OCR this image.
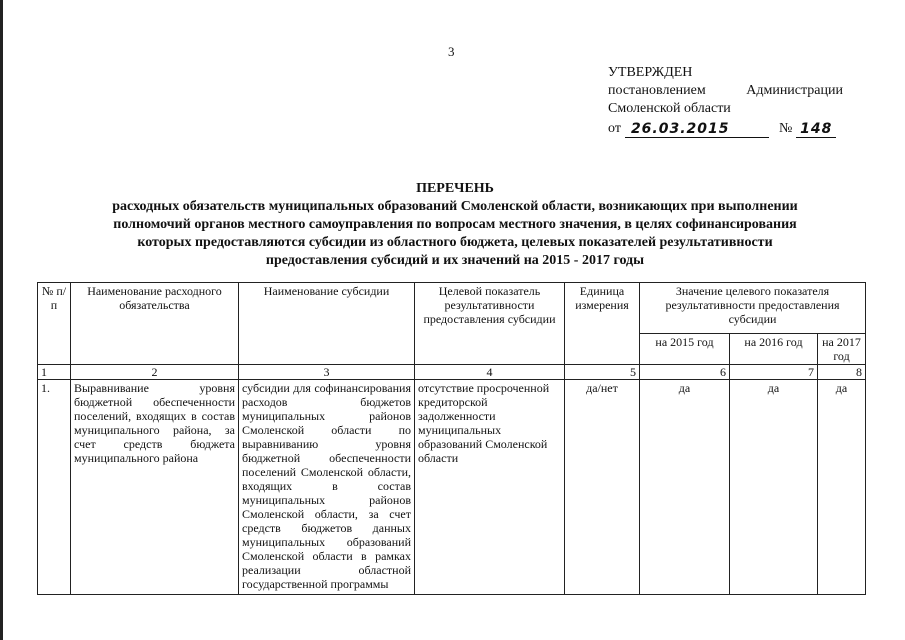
3
УТВЕРЖДЕН
постановлением	Администрации
Смоленской области
от 26.03.2015	№ 148
ПЕРЕЧЕНЬ
расходных обязательств муниципальных образований Смоленской области, возникающих при выполнении
полномочий органов местного самоуправления по вопросам местного значения, в целях софинансирования
которых предоставляются субсидии из областного бюджета, целевых показателей результативности
предоставления субсидий и их значений на 2015 - 2017 годы
№ п/п	Наименование расходного обязательства	Наименование субсидии	Целевой показатель результативности предоставления субсидии	Единица измерения	Значение целевого показателя результативности предоставления субсидии		
					на 2015 год	на 2016 год	на 2017 год
1	2	3	4	5	6	7	8
1.	Выравнивание уровня бюджетной обеспеченности поселений, входящих в состав муниципального района, за счет средств бюджета муниципального района	субсидии для софинансирования расходов бюджетов муниципальных районов Смоленской области по выравниванию уровня бюджетной обеспеченности поселений Смоленской области, входящих в состав муниципальных районов Смоленской области, за счет средств бюджетов данных муниципальных образований Смоленской области в рамках реализации областной государственной программы	отсутствие просроченной кредиторской задолженности муниципальных образований Смоленской области	да/нет	да	да	да
